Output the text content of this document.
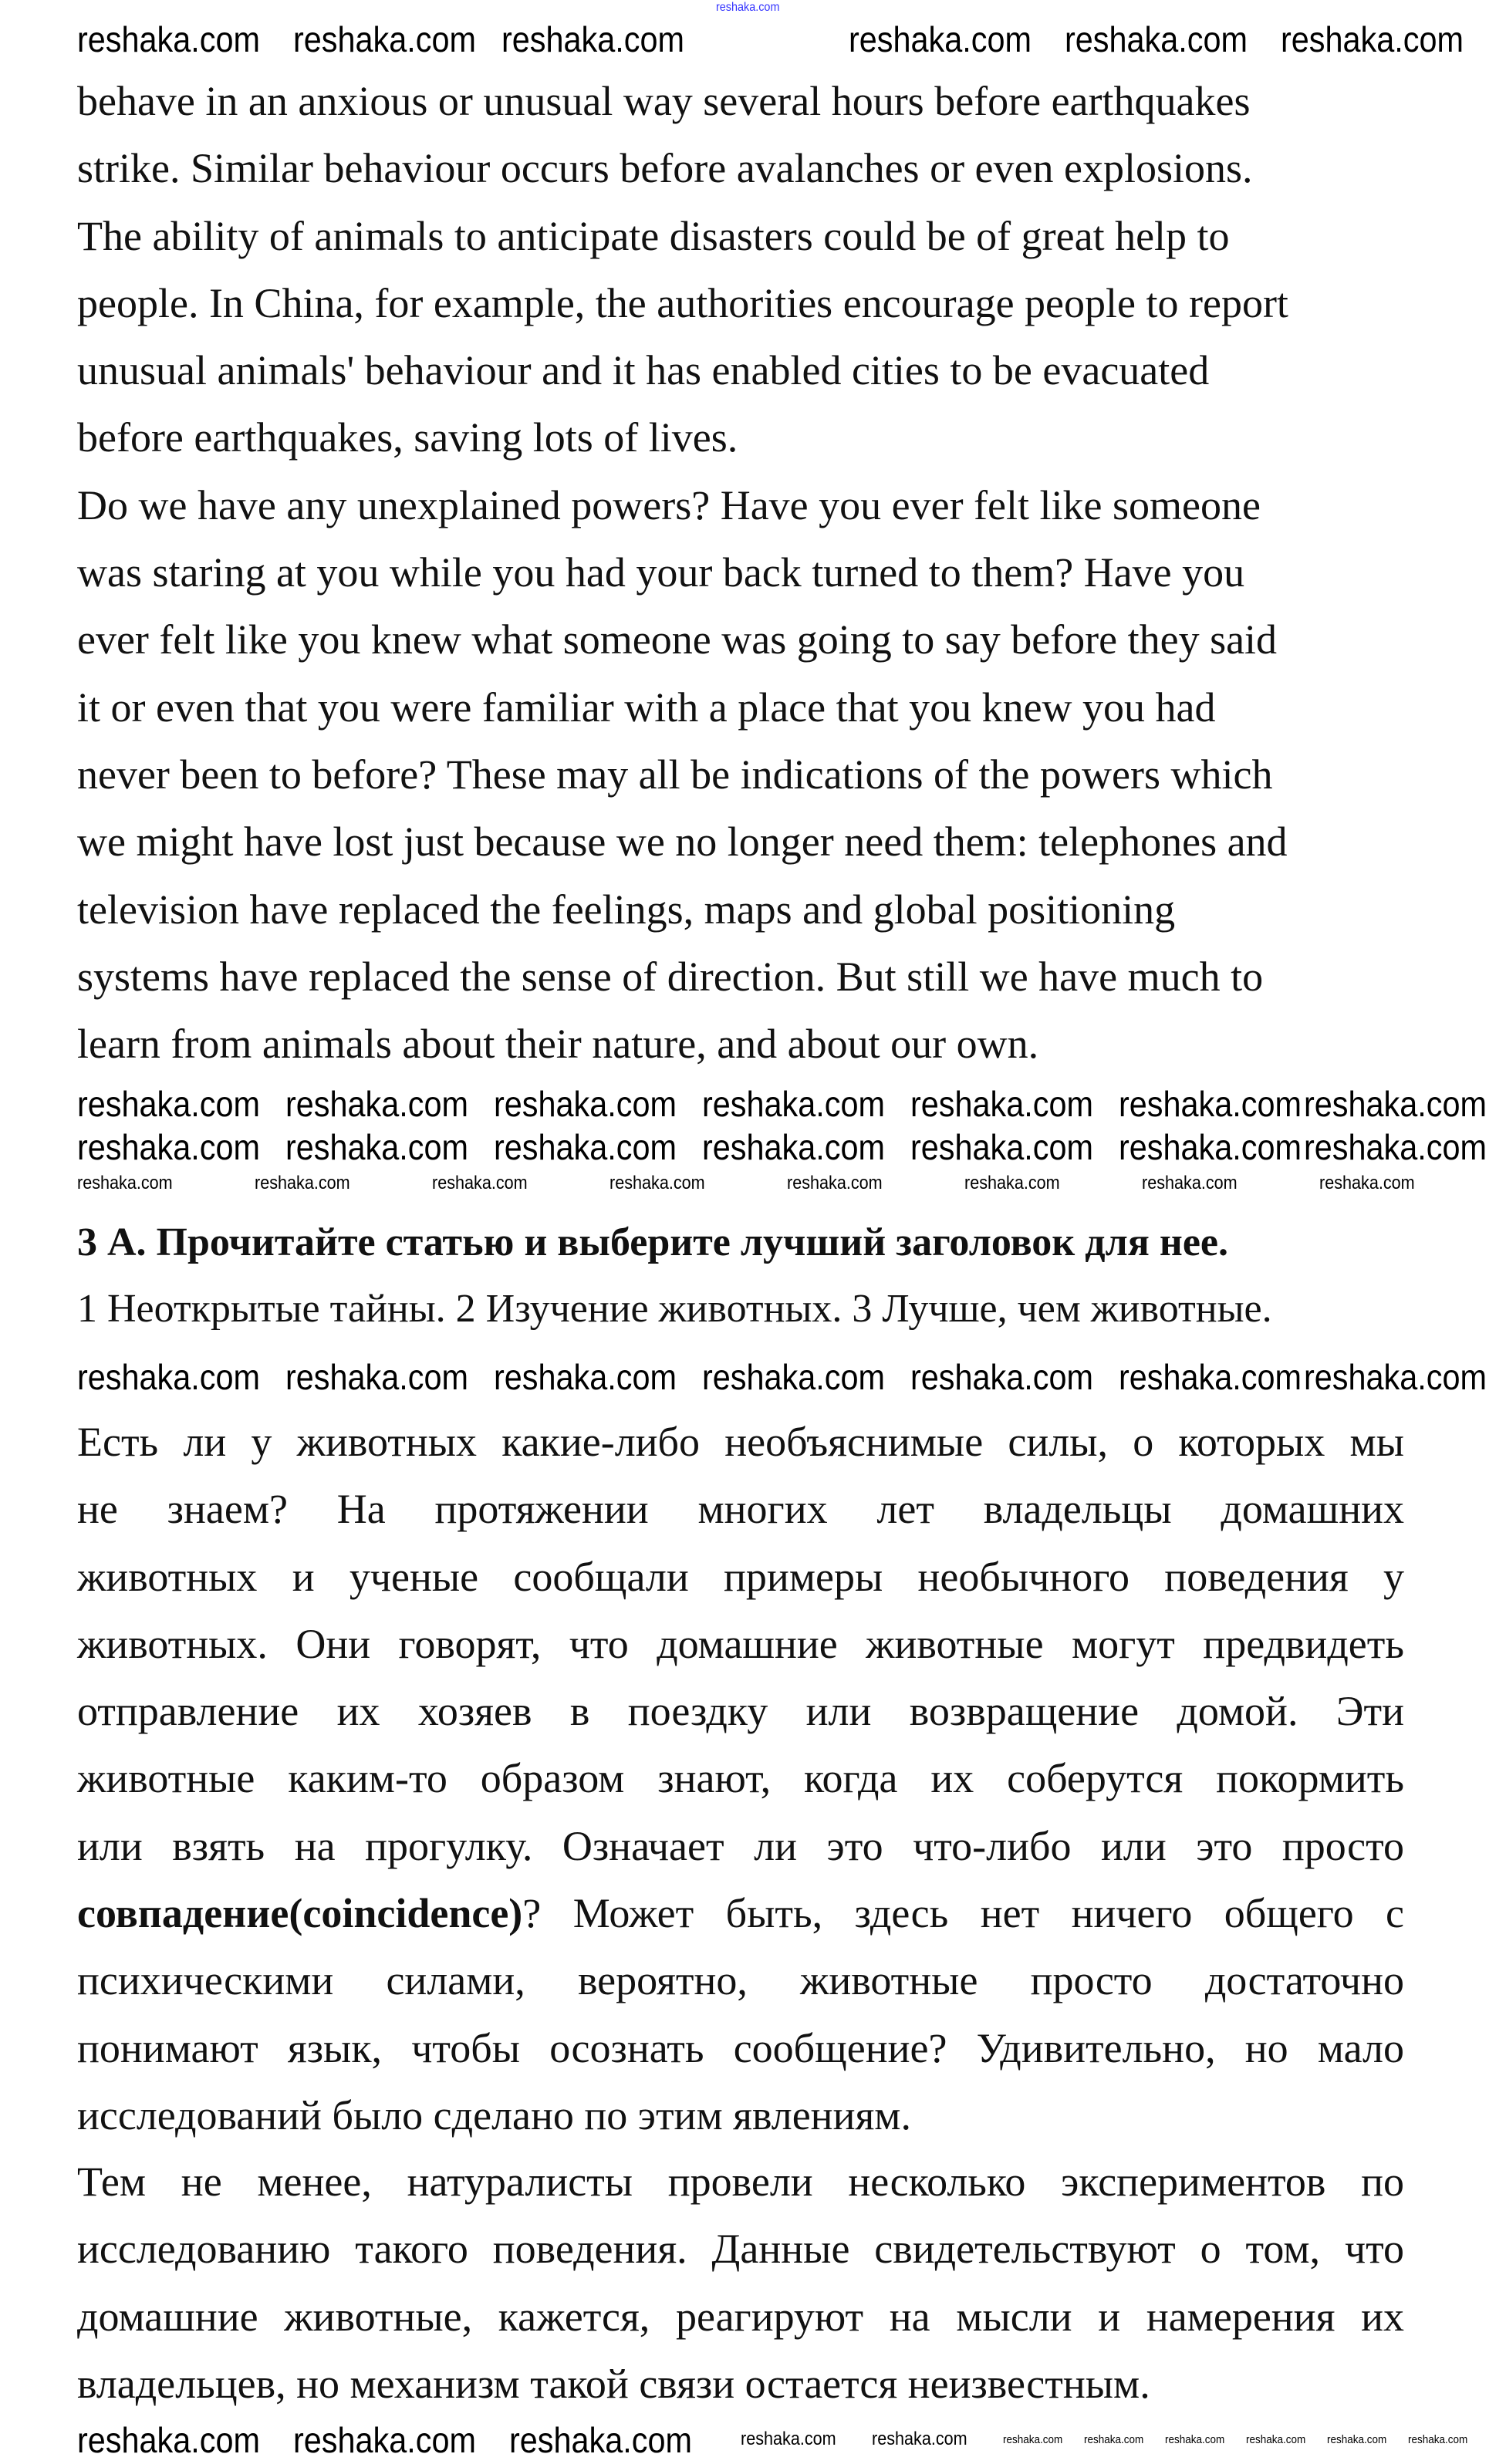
reshaka.com
behave in an anxious or unusual way several hours before earthquakes
strike. Similar behaviour occurs before avalanches or even explosions.
The ability of animals to anticipate disasters could be of great help to
people. In China, for example, the authorities encourage people to report
unusual animals' behaviour and it has enabled cities to be evacuated
before earthquakes, saving lots of lives.
Do we have any unexplained powers? Have you ever felt like someone
was staring at you while you had your back turned to them? Have you
ever felt like you knew what someone was going to say before they said
it or even that you were familiar with a place that you knew you had
never been to before? These may all be indications of the powers which
we might have lost just because we no longer need them: telephones and
television have replaced the feelings, maps and global positioning
systems have replaced the sense of direction. But still we have much to
learn from animals about their nature, and about our own.
3 А. Прочитайте статью и выберите лучший заголовок для нее.
1 Неоткрытые тайны. 2 Изучение животных. 3 Лучше, чем животные.
Есть ли у животных какие-либо необъяснимые силы, о которых мы
не знаем? На протяжении многих лет владельцы домашних
животных и ученые сообщали примеры необычного поведения у
животных. Они говорят, что домашние животные могут предвидеть
отправление их хозяев в поездку или возвращение домой. Эти
животные каким-то образом знают, когда их соберутся покормить
или взять на прогулку. Означает ли это что-либо или это просто
совпадение(coincidence)? Может быть, здесь нет ничего общего с
психическими силами, вероятно, животные просто достаточно
понимают язык, чтобы осознать сообщение? Удивительно, но мало
исследований было сделано по этим явлениям.
Тем не менее, натуралисты провели несколько экспериментов по
исследованию такого поведения. Данные свидетельствуют о том, что
домашние животные, кажется, реагируют на мысли и намерения их
владельцев, но механизм такой связи остается неизвестным.
reshaka.com reshaka.com reshaka.com	reshaka.com reshaka.com reshaka.com
reshaka.com reshaka.com reshaka.com reshaka.com reshaka.com reshaka.com reshaka.com
reshaka.com reshaka.com reshaka.com reshaka.com reshaka.com reshaka.com reshaka.com
reshaka.com	reshaka.com	reshaka.com	reshaka.com	reshaka.com	reshaka.com	reshaka.com	reshaka.com
reshaka.com reshaka.com reshaka.com reshaka.com reshaka.com reshaka.com reshaka.com
reshaka.com reshaka.com reshaka.com	reshaka.com reshaka.com	reshaka.com reshaka.com reshaka.com reshaka.com reshaka.com reshaka.com
